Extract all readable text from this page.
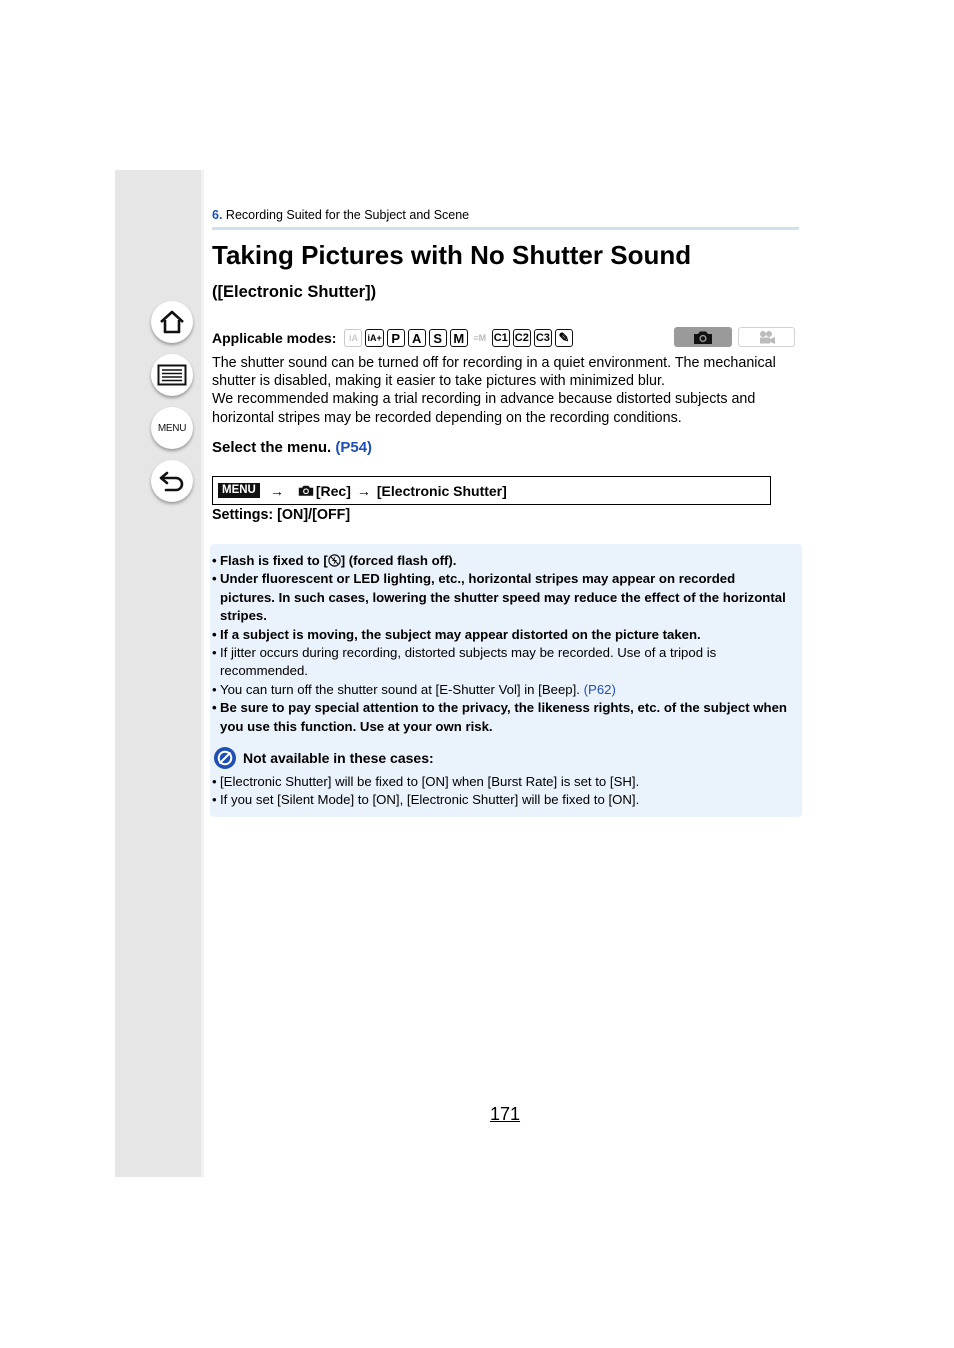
MENU
6. Recording Suited for the Subject and Scene
Taking Pictures with No Shutter Sound
([Electronic Shutter])
Applicable modes:	iA	iA+ P A S M	≡M C1 C2 C3 ✎

The shutter sound can be turned off for recording in a quiet environment. The mechanical
shutter is disabled, making it easier to take pictures with minimized blur.
We recommended making a trial recording in advance because distorted subjects and
horizontal stripes may be recorded depending on the recording conditions.

Select the menu. (P54)

MENU → [Rec] → [Electronic Shutter]

Settings: [ON]/[OFF]

• Flash is fixed to [ ] (forced flash off).
• Under fluorescent or LED lighting, etc., horizontal stripes may appear on recorded pictures. In such cases, lowering the shutter speed may reduce the effect of the horizontal stripes.
• If a subject is moving, the subject may appear distorted on the picture taken.
• If jitter occurs during recording, distorted subjects may be recorded. Use of a tripod is recommended.
• You can turn off the shutter sound at [E-Shutter Vol] in [Beep]. (P62)
• Be sure to pay special attention to the privacy, the likeness rights, etc. of the subject when you use this function. Use at your own risk.
Not available in these cases:
• [Electronic Shutter] will be fixed to [ON] when [Burst Rate] is set to [SH].
• If you set [Silent Mode] to [ON], [Electronic Shutter] will be fixed to [ON].
171
